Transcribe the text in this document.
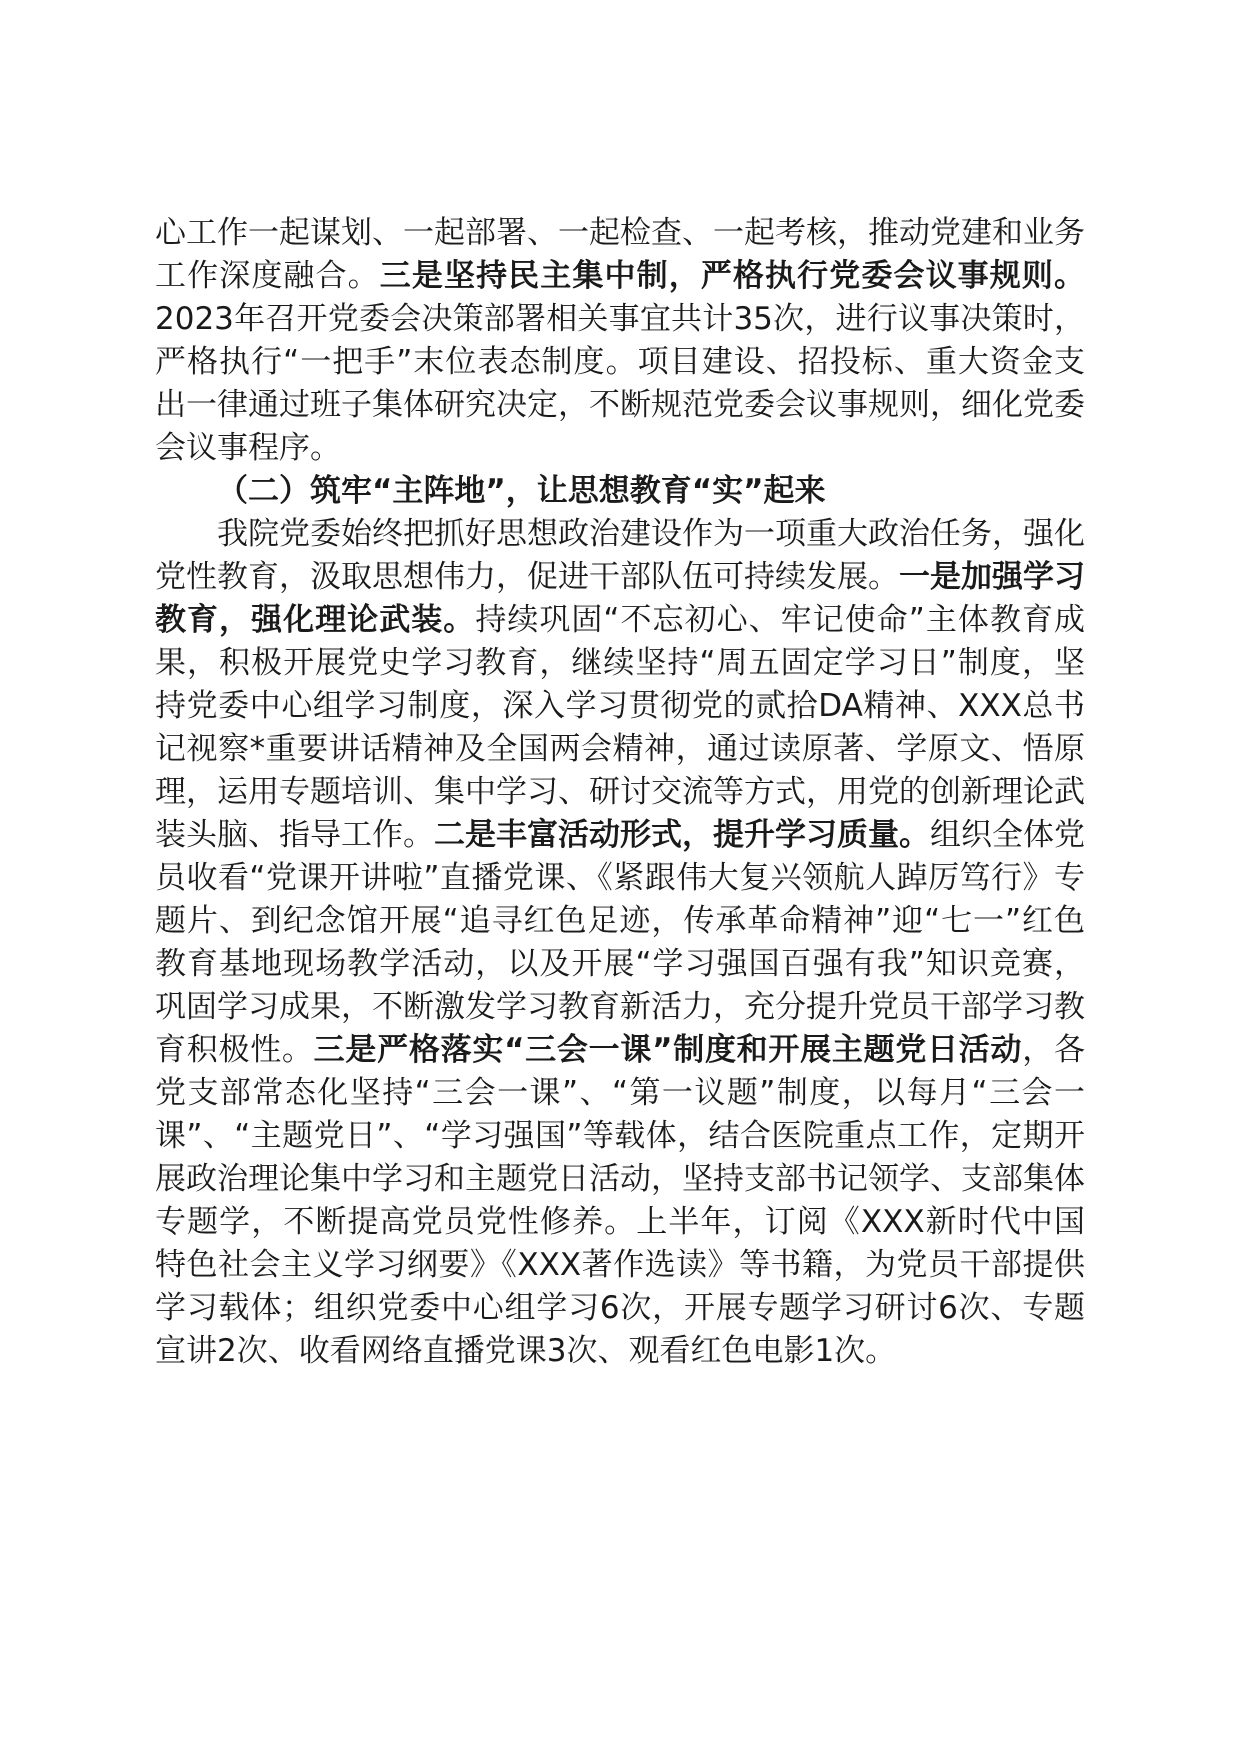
心工作一起谋划、一起部署、一起检查、一起考核，推动党建和业务工作深度融合。三是坚持民主集中制，严格执行党委会议事规则。2023年召开党委会决策部署相关事宜共计35次，进行议事决策时，严格执行“一把手”末位表态制度。项目建设、招投标、重大资金支出一律通过班子集体研究决定，不断规范党委会议事规则，细化党委会议事程序。

（二）筑牢“主阵地”，让思想教育“实”起来

我院党委始终把抓好思想政治建设作为一项重大政治任务，强化党性教育，汲取思想伟力，促进干部队伍可持续发展。一是加强学习教育，强化理论武装。持续巩固“不忘初心、牢记使命”主体教育成果，积极开展党史学习教育，继续坚持“周五固定学习日”制度，坚持党委中心组学习制度，深入学习贯彻党的贰拾DA精神、XXX总书记视察*重要讲话精神及全国两会精神，通过读原著、学原文、悟原理，运用专题培训、集中学习、研讨交流等方式，用党的创新理论武装头脑、指导工作。二是丰富活动形式，提升学习质量。组织全体党员收看“党课开讲啦”直播党课、《紧跟伟大复兴领航人踔厉笃行》专题片、到纪念馆开展“追寻红色足迹，传承革命精神”迎“七一”红色教育基地现场教学活动，以及开展“学习强国百强有我”知识竞赛，巩固学习成果，不断激发学习教育新活力，充分提升党员干部学习教育积极性。三是严格落实“三会一课”制度和开展主题党日活动，各党支部常态化坚持“三会一课”、“第一议题”制度，以每月“三会一课”、“主题党日”、“学习强国”等载体，结合医院重点工作，定期开展政治理论集中学习和主题党日活动，坚持支部书记领学、支部集体专题学，不断提高党员党性修养。上半年，订阅《XXX新时代中国特色社会主义学习纲要》《XXX著作选读》等书籍，为党员干部提供学习载体；组织党委中心组学习6次，开展专题学习研讨6次、专题宣讲2次、收看网络直播党课3次、观看红色电影1次。
